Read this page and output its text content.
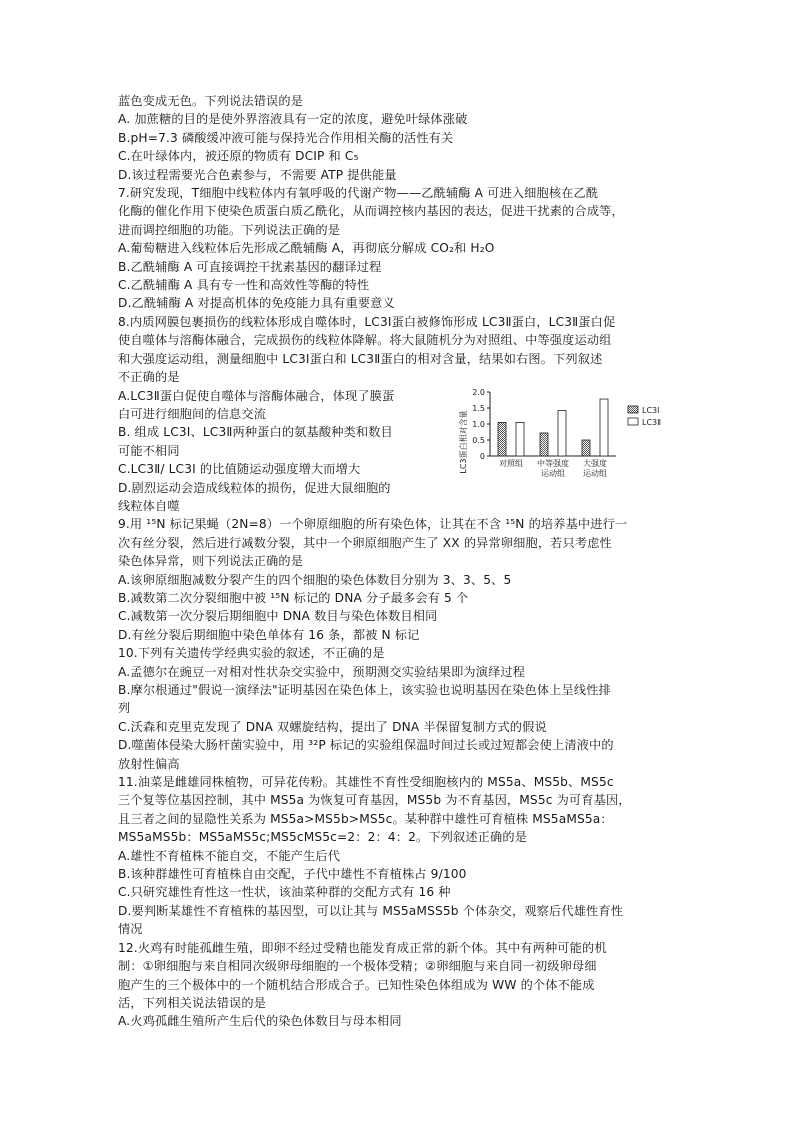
蓝色变成无色。下列说法错误的是
A. 加蔗糖的目的是使外界溶液具有一定的浓度，避免叶绿体涨破
B.pH=7.3 磷酸缓冲液可能与保持光合作用相关酶的活性有关
C.在叶绿体内，被还原的物质有 DCIP 和 C₅
D.该过程需要光合色素参与，不需要 ATP 提供能量
7.研究发现，T细胞中线粒体内有氧呼吸的代谢产物——乙酰辅酶 A 可进入细胞核在乙酰
化酶的催化作用下使染色质蛋白质乙酰化，从而调控核内基因的表达，促进干扰素的合成等，
进而调控细胞的功能。下列说法正确的是
A.葡萄糖进入线粒体后先形成乙酰辅酶 A，再彻底分解成 CO₂和 H₂O
B.乙酰辅酶 A 可直接调控干扰素基因的翻译过程
C.乙酰辅酶 A 具有专一性和高效性等酶的特性
D.乙酰辅酶 A 对提高机体的免疫能力具有重要意义
8.内质网膜包裹损伤的线粒体形成自噬体时，LC3Ⅰ蛋白被修饰形成 LC3Ⅱ蛋白，LC3Ⅱ蛋白促
使自噬体与溶酶体融合，完成损伤的线粒体降解。将大鼠随机分为对照组、中等强度运动组
和大强度运动组，测量细胞中 LC3Ⅰ蛋白和 LC3Ⅱ蛋白的相对含量，结果如右图。下列叙述
不正确的是
A.LC3Ⅱ蛋白促使自噬体与溶酶体融合，体现了膜蛋
白可进行细胞间的信息交流
B. 组成 LC3Ⅰ、LC3Ⅱ两种蛋白的氨基酸种类和数目
可能不相同
C.LC3Ⅱ/ LC3Ⅰ 的比值随运动强度增大而增大
D.剧烈运动会造成线粒体的损伤，促进大鼠细胞的
线粒体自噬
9.用 ¹⁵N 标记果蝇（2N=8）一个卵原细胞的所有染色体，让其在不含 ¹⁵N 的培养基中进行一
次有丝分裂，然后进行减数分裂，其中一个卵原细胞产生了 XX 的异常卵细胞，若只考虑性
染色体异常，则下列说法正确的是
A.该卵原细胞减数分裂产生的四个细胞的染色体数目分别为 3、3、5、5
B.减数第二次分裂细胞中被 ¹⁵N 标记的 DNA 分子最多会有 5 个
C.减数第一次分裂后期细胞中 DNA 数目与染色体数目相同
D.有丝分裂后期细胞中染色单体有 16 条，都被 N 标记
10.下列有关遗传学经典实验的叙述，不正确的是
A.孟德尔在豌豆一对相对性状杂交实验中，预期测交实验结果即为演绎过程
B.摩尔根通过"假说一演绎法"证明基因在染色体上，该实验也说明基因在染色体上呈线性排
列
C.沃森和克里克发现了 DNA 双螺旋结构，提出了 DNA 半保留复制方式的假说
D.噬菌体侵染大肠杆菌实验中，用 ³²P 标记的实验组保温时间过长或过短都会使上清液中的
放射性偏高
11.油菜是雌雄同株植物，可异花传粉。其雄性不育性受细胞核内的 MS5a、MS5b、MS5c
三个复等位基因控制，其中 MS5a 为恢复可育基因，MS5b 为不育基因，MS5c 为可育基因，
且三者之间的显隐性关系为 MS5a>MS5b>MS5c。某种群中雄性可育植株 MS5aMS5a：
MS5aMS5b：MS5aMS5c;MS5cMS5c=2：2：4：2。下列叙述正确的是
A.雄性不育植株不能自交，不能产生后代
B.该种群雄性可育植株自由交配，子代中雄性不育植株占 9/100
C.只研究雄性育性这一性状，该油菜种群的交配方式有 16 种
D.要判断某雄性不育植株的基因型，可以让其与 MS5aMSS5b 个体杂交，观察后代雄性育性
情况
12.火鸡有时能孤雌生殖，即卵不经过受精也能发育成正常的新个体。其中有两种可能的机
制：①卵细胞与来自相同次级卵母细胞的一个极体受精；②卵细胞与来自同一初级卵母细
胞产生的三个极体中的一个随机结合形成合子。已知性染色体组成为 WW 的个体不能成
活，下列相关说法错误的是
A.火鸡孤雌生殖所产生后代的染色体数目与母本相同
LC3蛋白相对含量 0
0.5
1.0
1.5
2.0
对照组 中等强度
运动组
大强度
运动组
LC3Ⅰ
LC3Ⅱ
